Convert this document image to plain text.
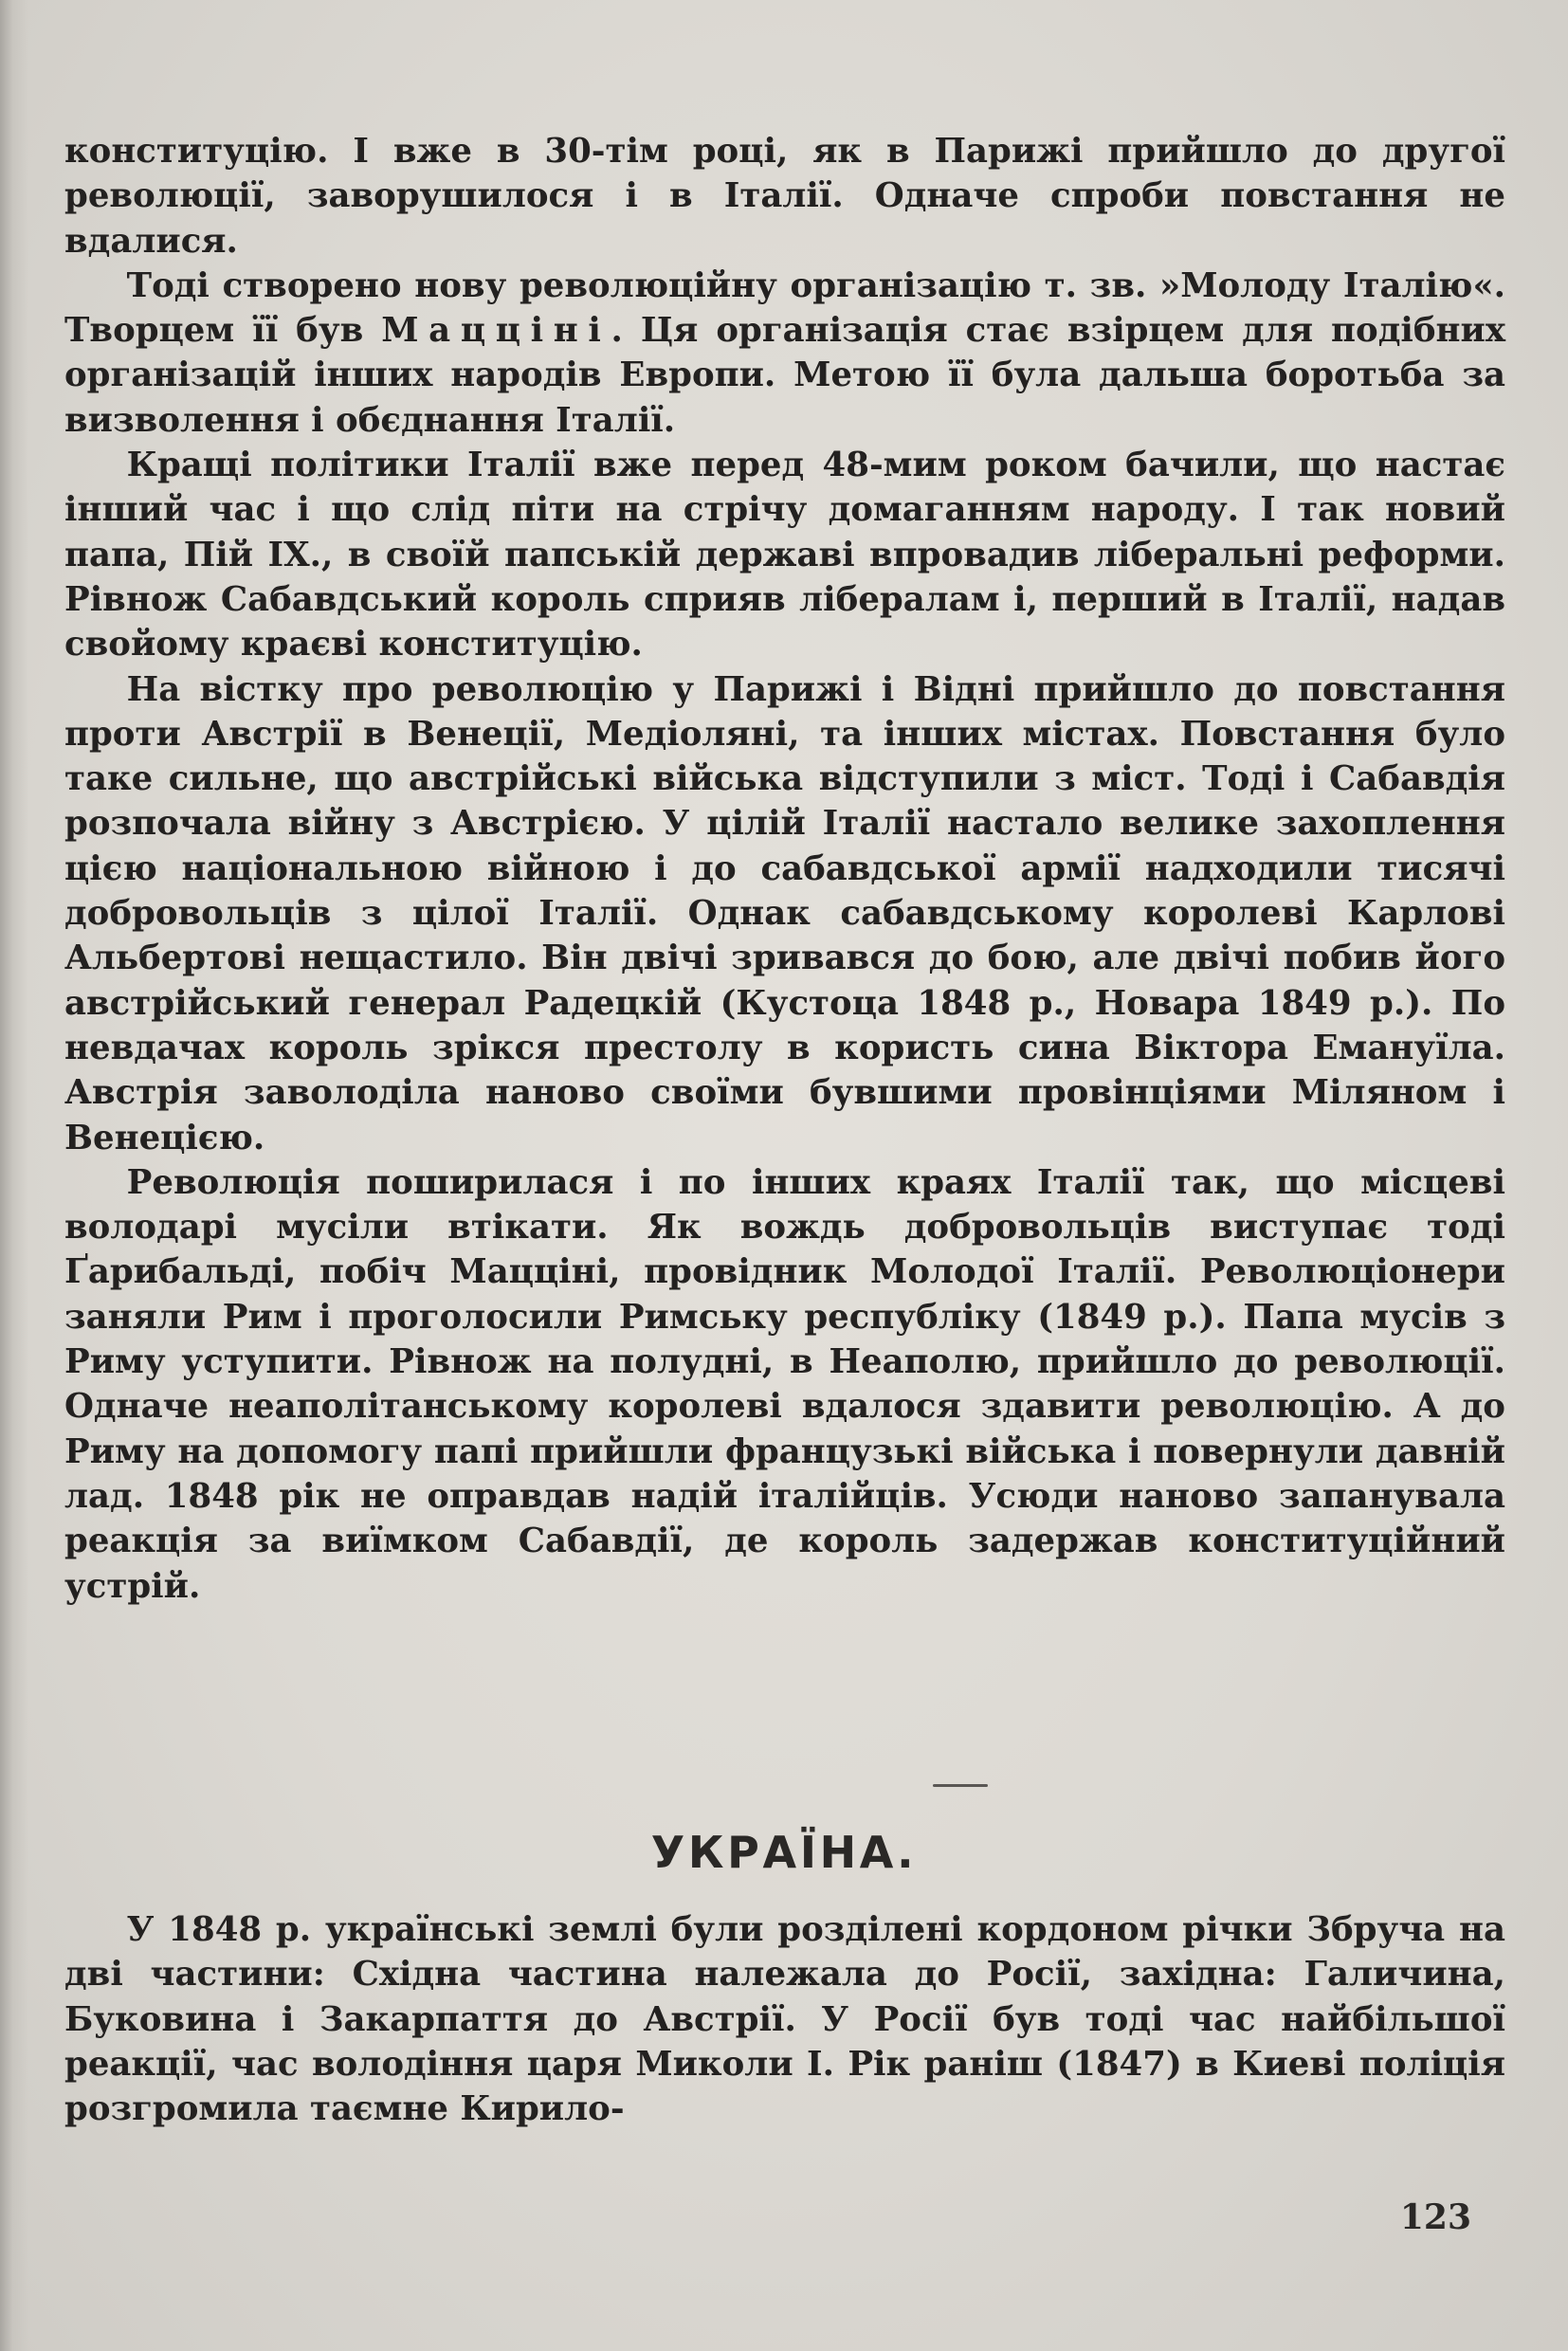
конституцію. І вже в 30-тім році, як в Парижі прийшло до другої революції, заворушилося і в Італії. Одначе спроби повстання не вдалися.

Тоді створено нову революційну організацію т. зв. »Молоду Італію«. Творцем її був Мацціні. Ця організація стає взірцем для подібних організацій інших народів Европи. Метою її була дальша боротьба за визволення і обєднання Італії.

Кращі політики Італії вже перед 48-мим роком бачили, що настає інший час і що слід піти на стрічу домаганням народу. І так новий папа, Пій IX., в своїй папській державі впровадив ліберальні реформи. Рівнож Сабавдський король сприяв лібералам і, перший в Італії, надав свойому краєві конституцію.

На вістку про революцію у Парижі і Відні прийшло до повстання проти Австрії в Венеції, Медіоляні, та інших містах. Повстання було таке сильне, що австрійські війська відступили з міст. Тоді і Сабавдія розпочала війну з Австрією. У цілій Італії настало велике захоплення цією національною війною і до сабавдської армії надходили тисячі добровольців з цілої Італії. Однак сабавдському королеві Карлові Альбертові нещастило. Він двічі зривався до бою, але двічі побив його австрійський генерал Радецкій (Кустоца 1848 р., Новара 1849 р.). По невдачах король зрікся престолу в користь сина Віктора Емануїла. Австрія заволоділа наново своїми бувшими провінціями Міляном і Венецією.

Революція поширилася і по інших краях Італії так, що місцеві володарі мусіли втікати. Як вождь добровольців виступає тоді Ґарибальді, побіч Мацціні, провідник Молодої Італії. Революціонери заняли Рим і проголосили Римську республіку (1849 р.). Папа мусів з Риму уступити. Рівнож на полудні, в Неаполю, прийшло до революції. Одначе неаполітанському королеві вдалося здавити революцію. А до Риму на допомогу папі прийшли французькі війська і повернули давній лад. 1848 рік не оправдав надій італійців. Усюди наново запанувала реакція за виїмком Сабавдії, де король задержав конституційний устрій.

УКРАЇНА.

У 1848 р. українські землі були розділені кордоном річки Збруча на дві частини: Східна частина належала до Росії, західна: Галичина, Буковина і Закарпаття до Австрії. У Росії був тоді час найбільшої реакції, час володіння царя Миколи І. Рік раніш (1847) в Киеві поліція розгромила таємне Кирило-

123
